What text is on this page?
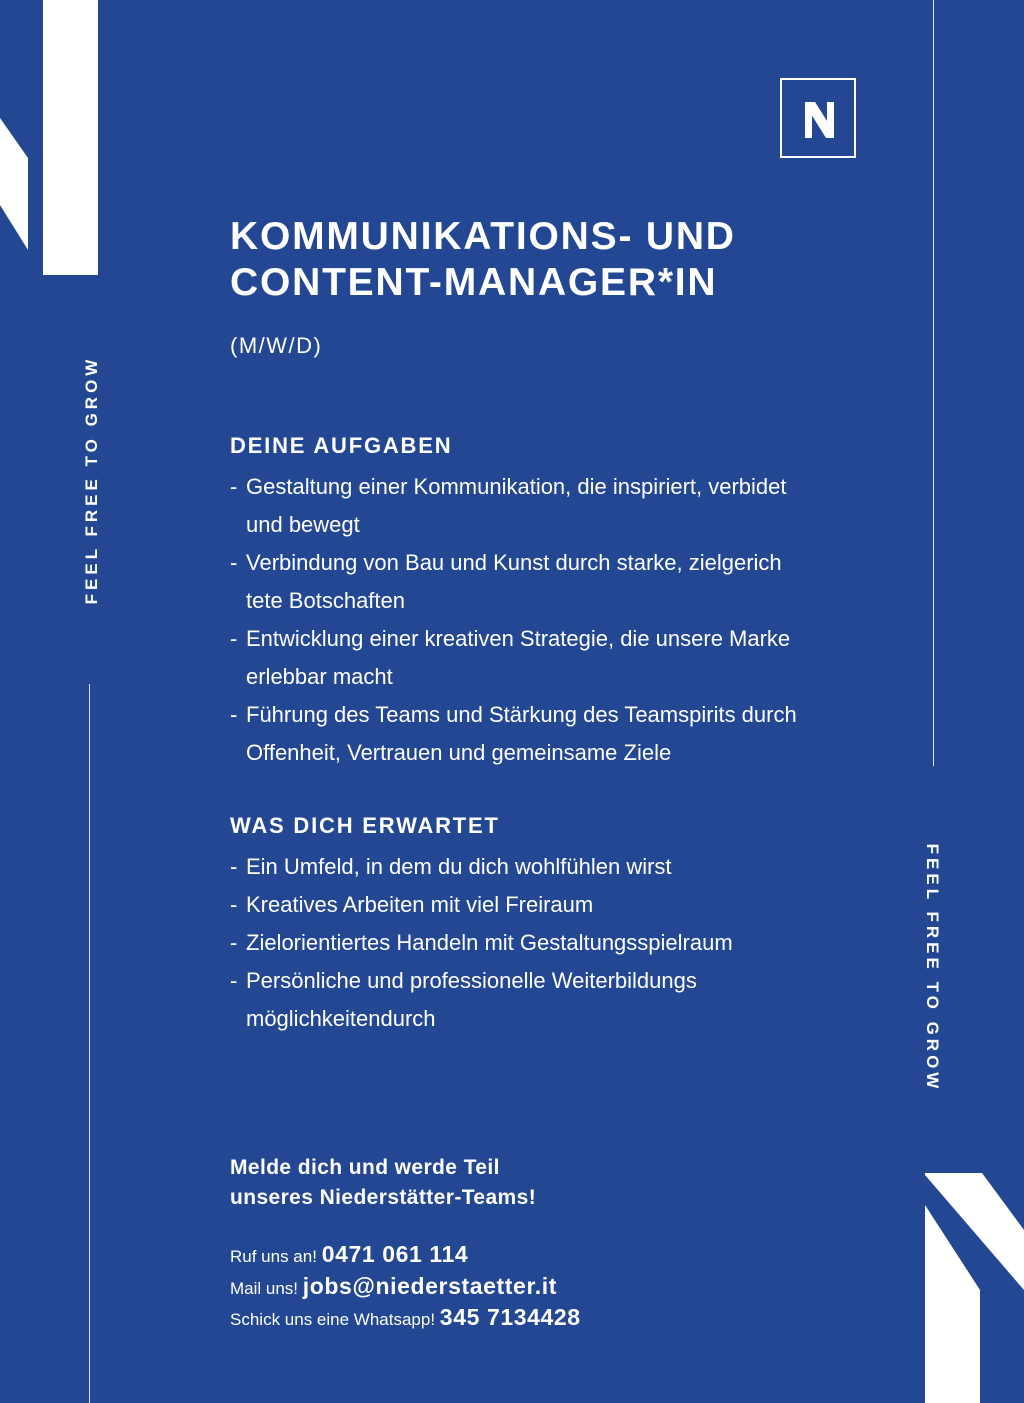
FEEL FREE TO GROW
FEEL FREE TO GROW
KOMMUNIKATIONS- UND
CONTENT-MANAGER*IN
(M/W/D)
DEINE AUFGABEN
- Gestaltung einer Kommunikation, die inspiriert, verbidet
und bewegt
- Verbindung von Bau und Kunst durch starke, zielgerich
tete Botschaften
- Entwicklung einer kreativen Strategie, die unsere Marke
erlebbar macht
- Führung des Teams und Stärkung des Teamspirits durch
Offenheit, Vertrauen und gemeinsame Ziele
WAS DICH ERWARTET
- Ein Umfeld, in dem du dich wohlfühlen wirst
- Kreatives Arbeiten mit viel Freiraum
- Zielorientiertes Handeln mit Gestaltungsspielraum
- Persönliche und professionelle Weiterbildungs
möglichkeitendurch
Melde dich und werde Teil
unseres Niederstätter-Teams!
Ruf uns an! 0471 061 114
Mail uns! jobs@niederstaetter.it
Schick uns eine Whatsapp! 345 7134428
